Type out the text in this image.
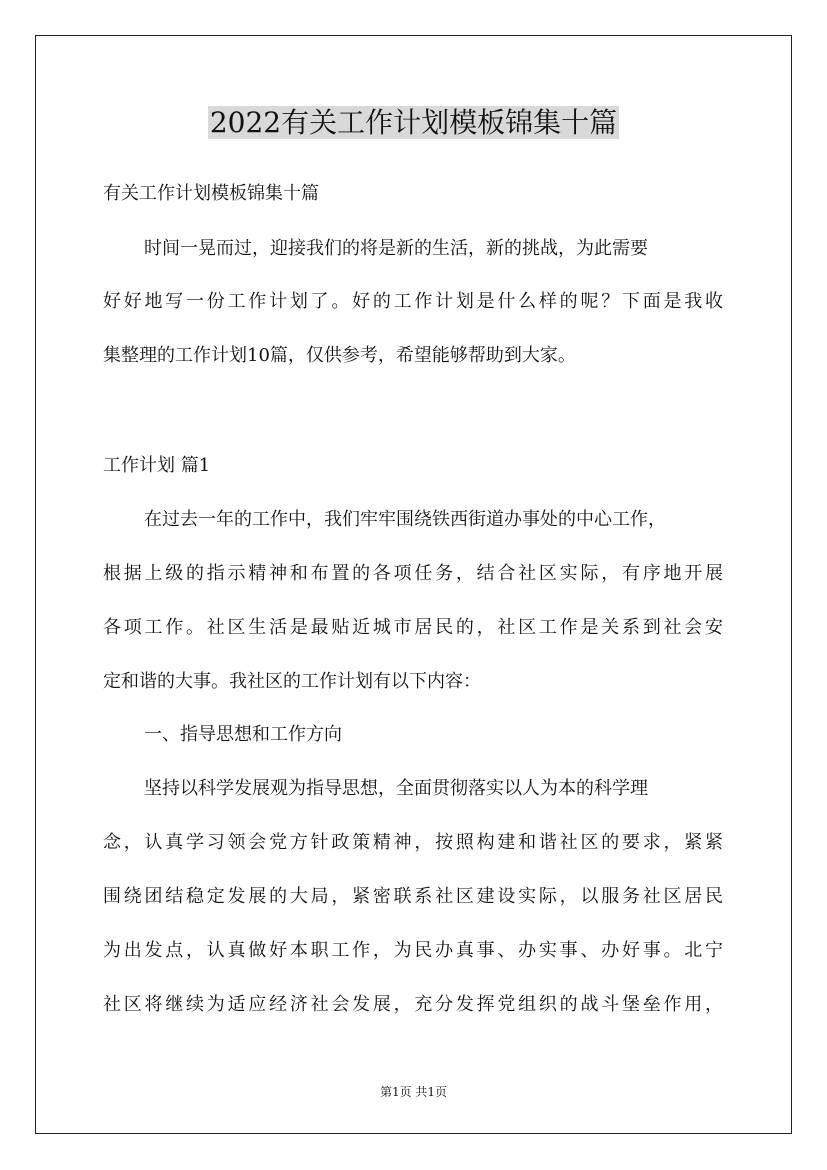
2022有关工作计划模板锦集十篇
有关工作计划模板锦集十篇
时间一晃而过，迎接我们的将是新的生活，新的挑战，为此需要
好好地写一份工作计划了。好的工作计划是什么样的呢？下面是我收
集整理的工作计划10篇，仅供参考，希望能够帮助到大家。
工作计划 篇1
在过去一年的工作中，我们牢牢围绕铁西街道办事处的中心工作，
根据上级的指示精神和布置的各项任务，结合社区实际，有序地开展
各项工作。社区生活是最贴近城市居民的，社区工作是关系到社会安
定和谐的大事。我社区的工作计划有以下内容：
一、指导思想和工作方向
坚持以科学发展观为指导思想，全面贯彻落实以人为本的科学理
念，认真学习领会党方针政策精神，按照构建和谐社区的要求，紧紧
围绕团结稳定发展的大局，紧密联系社区建设实际，以服务社区居民
为出发点，认真做好本职工作，为民办真事、办实事、办好事。北宁
社区将继续为适应经济社会发展，充分发挥党组织的战斗堡垒作用，
第1页 共1页
